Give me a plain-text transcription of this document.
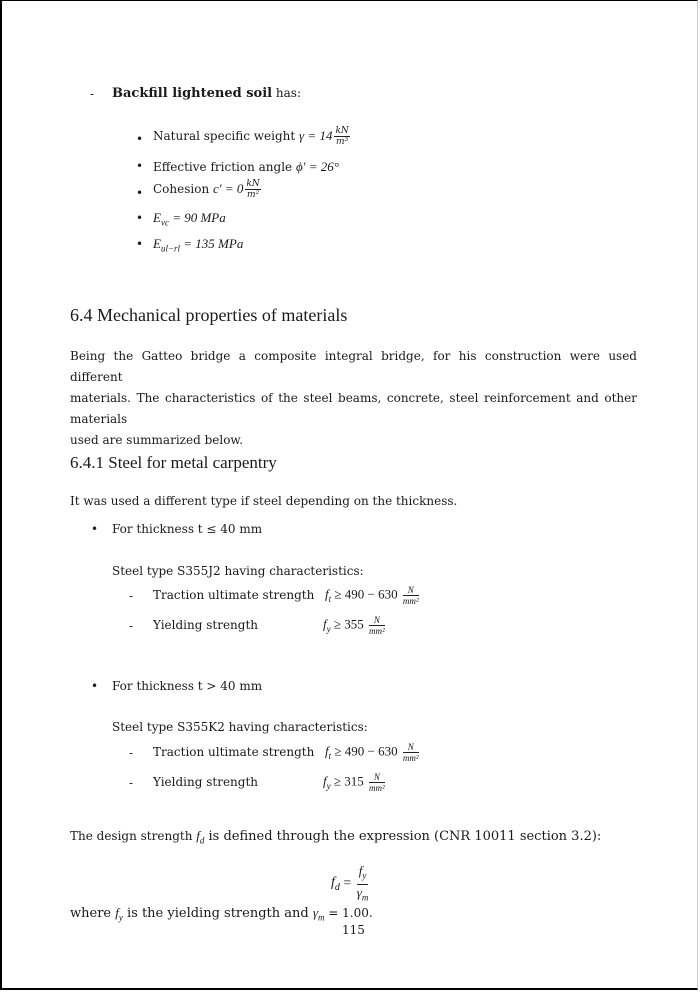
- Backfill lightened soil has:
• Natural specific weight $\gamma = 14 \frac{kN}{\text{m³}}$
• Effective friction angle ϕ′ = 26°
• Cohesion $c' = 0 \frac{kN}{\text{m²}}$
• $E_{vc} = 90$ MPa
• $E_{ul-rl} = 135$ MPa
6.4 Mechanical properties of materials
Being the Gatteo bridge a composite integral bridge, for his construction were used different
materials. The characteristics of the steel beams, concrete, steel reinforcement and other materials
used are summarized below.
6.4.1 Steel for metal carpentry
It was used a different type if steel depending on the thickness.
• For thickness t ≤ 40 mm
Steel type S355J2 having characteristics:
- Traction ultimate strength $f_t \ge 490 - 630 \frac{N}{\text{mm²}}$
- Yielding strength	$f_y \ge 355 \frac{N}{\text{mm²}}$
• For thickness t > 40 mm
Steel type S355K2 having characteristics:
- Traction ultimate strength $f_t \ge 490 - 630 \frac{N}{\text{mm²}}$
- Yielding strength	$f_y \ge 315 \frac{N}{\text{mm²}}$
The design strength $f_d$ is defined through the expression (CNR 10011 section 3.2):
$f_d = \frac{f_y}{\gamma_m}$
where $f_y$ is the yielding strength and $\gamma_m = 1.00$.
115
